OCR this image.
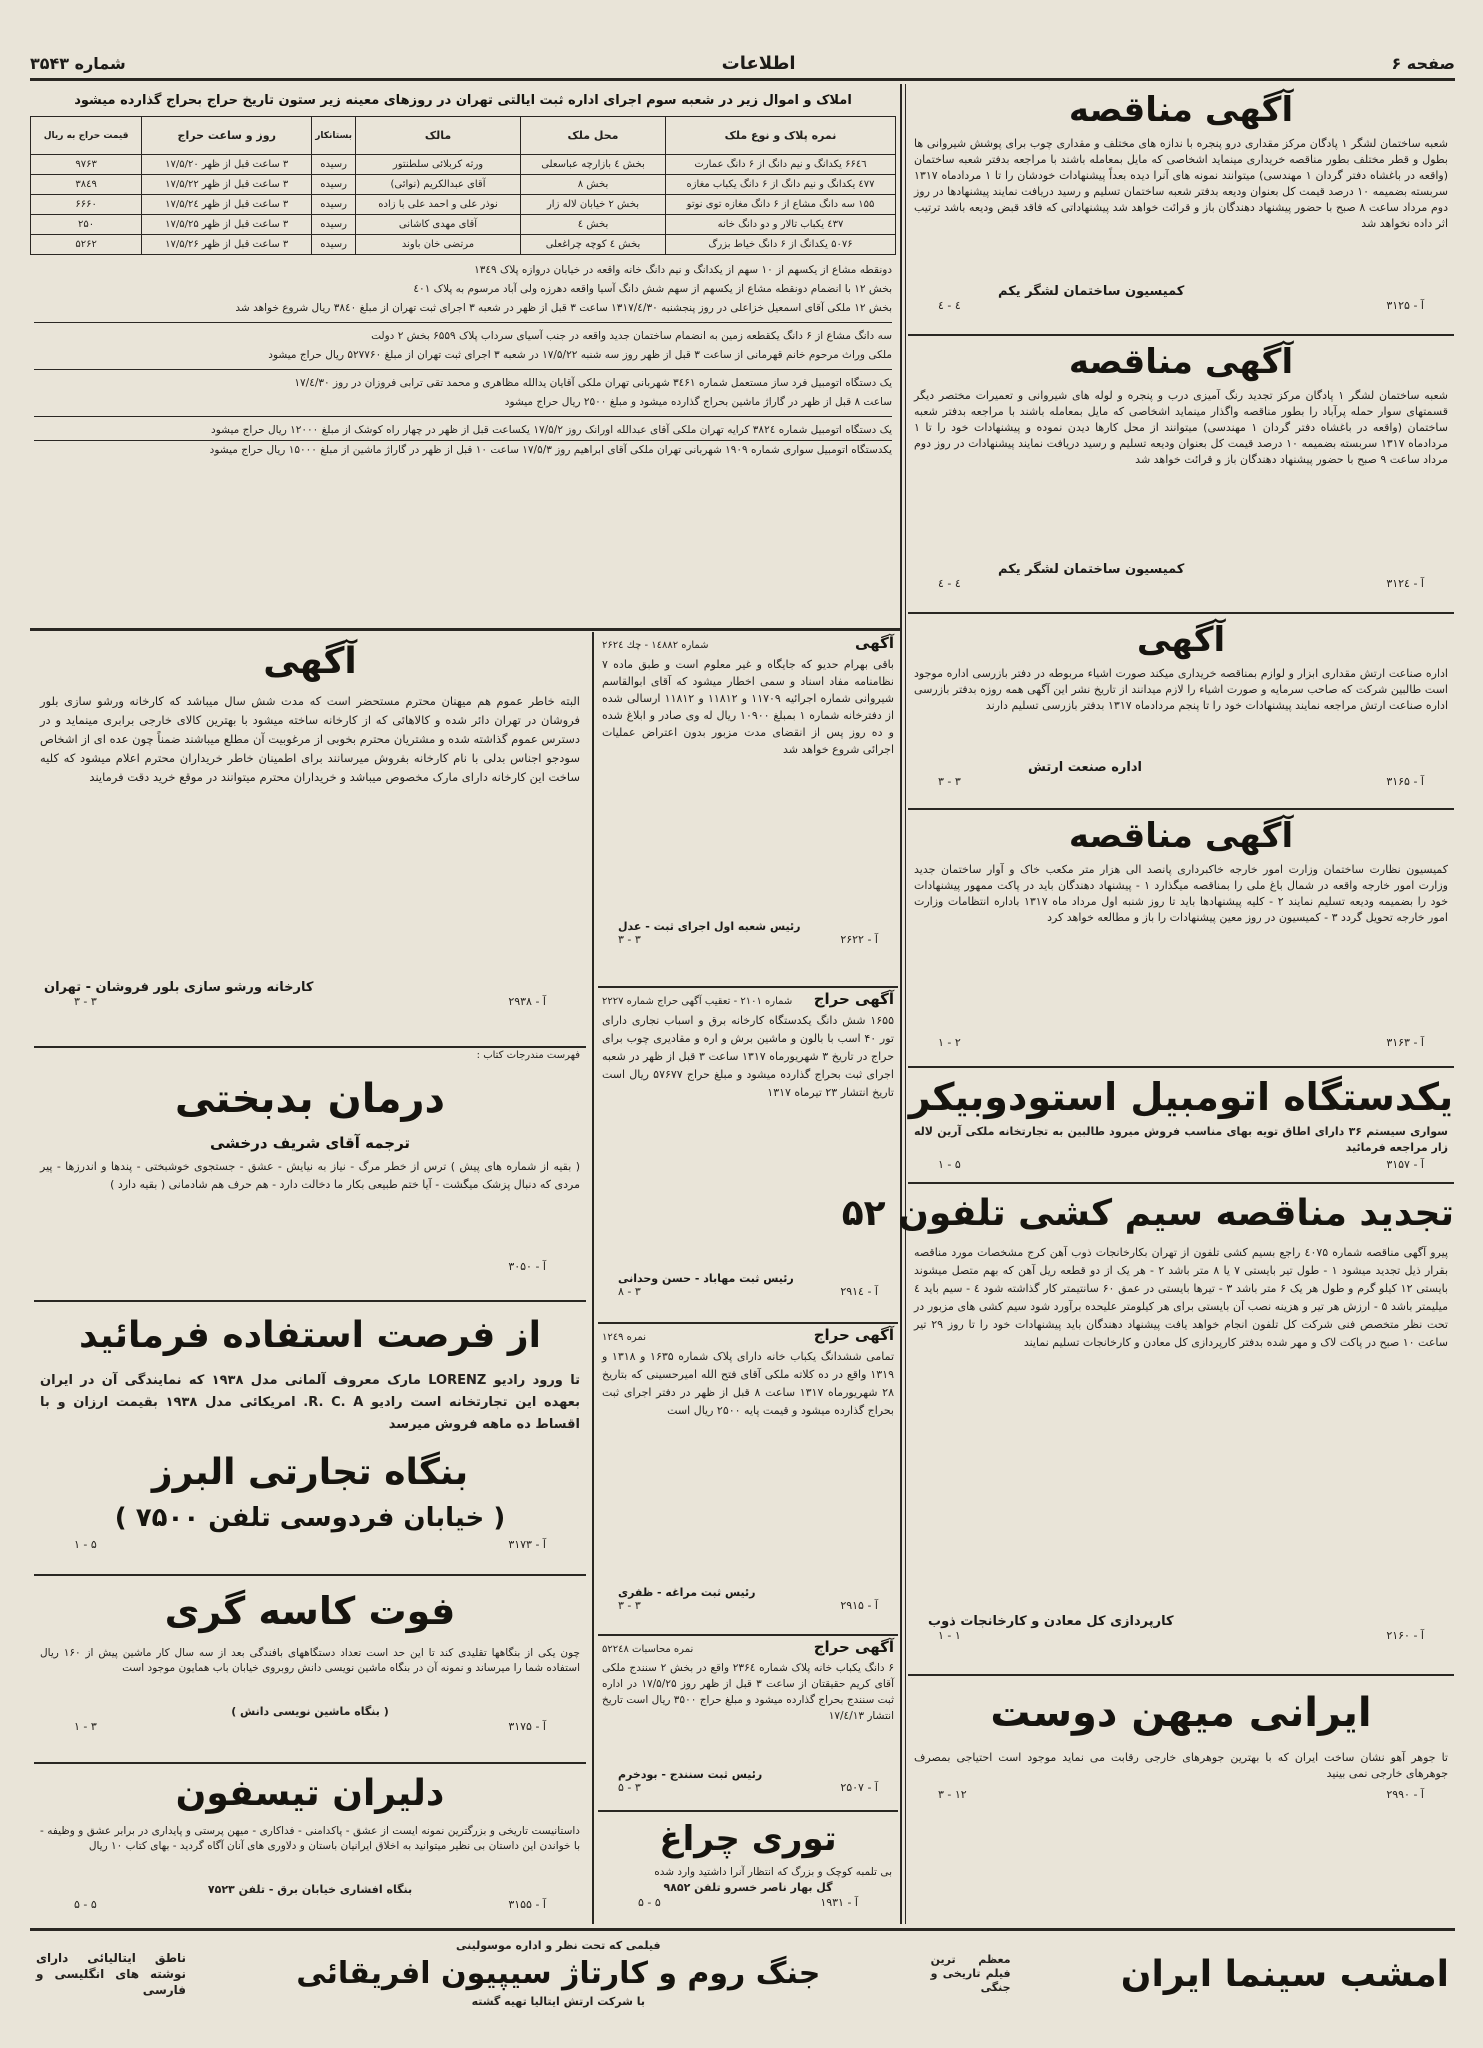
صفحه ۶
اطلاعات
شماره ۳۵۴۳
آگهی مناقصه
شعبه ساختمان لشگر ۱ پادگان مرکز مقداری درو پنجره با ندازه های مختلف و مقداری چوب برای پوشش شیروانی ها بطول و قطر مختلف بطور مناقصه خریداری مینماید اشخاصی که مایل بمعامله باشند با مراجعه بدفتر شعبه ساختمان (واقعه در باغشاه دفتر گردان ۱ مهندسی) میتوانند نمونه های آنرا دیده بعداً پیشنهادات خودشان را تا ۱ مردادماه ۱۳۱۷ سربسته بضمیمه ۱۰ درصد قیمت کل بعنوان ودیعه بدفتر شعبه ساختمان تسلیم و رسید دریافت نمایند پیشنهادها در روز دوم مرداد ساعت ۸ صبح با حضور پیشنهاد دهندگان باز و قرائت خواهد شد پیشنهاداتی که فاقد قبض ودیعه باشد ترتیب اثر داده نخواهد شد
کمیسیون ساختمان لشگر یکم
آ - ۳۱۲۵
٤ - ٤
آگهی مناقصه
شعبه ساختمان لشگر ۱ پادگان مرکز تجدید رنگ آمیزی درب و پنجره و لوله های شیروانی و تعمیرات مختصر دیگر قسمتهای سوار حمله پرآباد را بطور مناقصه واگذار مینماید اشخاصی که مایل بمعامله باشند با مراجعه بدفتر شعبه ساختمان (واقعه در باغشاه دفتر گردان ۱ مهندسی) میتوانند از محل کارها دیدن نموده و پیشنهادات خود را تا ۱ مردادماه ۱۳۱۷ سربسته بضمیمه ۱۰ درصد قیمت کل بعنوان ودیعه تسلیم و رسید دریافت نمایند پیشنهادات در روز دوم مرداد ساعت ۹ صبح با حضور پیشنهاد دهندگان باز و قرائت خواهد شد
کمیسیون ساختمان لشگر یکم
آ - ۳۱۲٤
٤ - ٤
آگهی
اداره صناعت ارتش مقداری ابزار و لوازم بمناقصه خریداری میکند صورت اشیاء مربوطه در دفتر بازرسی اداره موجود است طالبین شرکت که صاحب سرمایه و صورت اشیاء را لازم میدانند از تاریخ نشر این آگهی همه روزه بدفتر بازرسی اداره صناعت ارتش مراجعه نمایند پیشنهادات خود را تا پنجم مردادماه ۱۳۱۷ بدفتر بازرسی تسلیم دارند
اداره صنعت ارتش
آ - ۳۱۶۵
۳ - ۳
آگهی مناقصه
کمیسیون نظارت ساختمان وزارت امور خارجه خاکبرداری پانصد الی هزار متر مکعب خاک و آوار ساختمان جدید وزارت امور خارجه واقعه در شمال باغ ملی را بمناقصه میگذارد ۱ - پیشنهاد دهندگان باید در پاکت ممهور پیشنهادات خود را بضمیمه ودیعه تسلیم نمایند ۲ - کلیه پیشنهادها باید تا روز شنبه اول مرداد ماه ۱۳۱۷ باداره انتظامات وزارت امور خارجه تحویل گردد ۳ - کمیسیون در روز معین پیشنهادات را باز و مطالعه خواهد کرد
آ - ۳۱۶۳
۲ - ۱
یکدستگاه اتومبیل استودوبیکر
سواری سیستم ۳۶ دارای اطاق تویه بهای مناسب فروش میرود طالبین به تجارتخانه ملکی آرین لاله زار مراجعه فرمائید
آ - ۳۱۵۷
۵ - ۱
تجدید مناقصه سیم کشی تلفون ۵۲
پیرو آگهی مناقصه شماره ٤۰۷۵ راجع بسیم کشی تلفون از تهران بکارخانجات ذوب آهن کرج مشخصات مورد مناقصه بقرار ذیل تجدید میشود ۱ - طول تیر بایستی ۷ یا ۸ متر باشد ۲ - هر یک از دو قطعه ریل آهن که بهم متصل میشوند بایستی ۱۲ کیلو گرم و طول هر یک ۶ متر باشد ۳ - تیرها بایستی در عمق ۶۰ سانتیمتر کار گذاشته شود ٤ - سیم باید ٤ میلیمتر باشد ۵ - ارزش هر تیر و هزینه نصب آن بایستی برای هر کیلومتر علیحده برآورد شود سیم کشی های مزبور در تحت نظر متخصص فنی شرکت کل تلفون انجام خواهد یافت پیشنهاد دهندگان باید پیشنهادات خود را تا روز ۲۹ تیر ساعت ۱۰ صبح در پاکت لاک و مهر شده بدفتر کارپردازی کل معادن و کارخانجات تسلیم نمایند
کارپردازی کل معادن و کارخانجات ذوب
آ - ۲۱۶۰
۱ - ۱
ایرانی میهن دوست
تا جوهر آهو نشان ساخت ایران که با بهترین جوهرهای خارجی رقابت می نماید موجود است احتیاجی بمصرف جوهرهای خارجی نمی بینید
آ - ۲۹۹۰
۱۲ - ۳
املاک و اموال زیر در شعبه سوم اجرای اداره ثبت ایالتی تهران در روزهای معینه زیر ستون تاریخ حراج بحراج گذارده میشود
نمره پلاک و نوع ملک	محل ملک	مالک	بستانکار	روز و ساعت حراج	قیمت حراج به ریال
۶۶٤٦ یکدانگ و نیم دانگ از ۶ دانگ عمارت	بخش ٤ بازارچه عباسعلی	ورثه کربلائی سلطنتور	رسیده	۳ ساعت قبل از ظهر ۱۷/۵/۲۰	۹۷۶۳
٤٧٧ یکدانگ و نیم دانگ از ۶ دانگ یکباب مغازه	بخش ۸	آقای عبدالکریم (نوائی)	رسیده	۳ ساعت قبل از ظهر ۱۷/۵/۲۲	۳۸٤۹
۱۵۵ سه دانگ مشاع از ۶ دانگ مغازه توی نوتو	بخش ۲ خیابان لاله زار	نوذر علی و احمد علی با زاده	رسیده	۳ ساعت قبل از ظهر ۱۷/۵/۲٤	۶۶۶۰
٤۳۷ یکباب تالار و دو دانگ خانه	بخش ٤	آقای مهدی کاشانی	رسیده	۳ ساعت قبل از ظهر ۱۷/۵/۲۵	۲۵۰
۵۰۷۶ یکدانگ از ۶ دانگ خیاط بزرگ	بخش ٤ کوچه چراغعلی	مرتضی خان باوند	رسیده	۳ ساعت قبل از ظهر ۱۷/۵/۲۶	۵۲۶۲
دونقطه مشاع از یکسهم از ۱۰ سهم از یکدانگ و نیم دانگ خانه واقعه در خیابان دروازه پلاک ۱۳٤۹
بخش ۱۲ با انضمام دونقطه مشاع از یکسهم از سهم شش دانگ آسیا واقعه دهرزه ولی آباد مرسوم به پلاک ٤۰۱
بخش ۱۲ ملکی آقای اسمعیل خزاعلی در روز پنجشنبه ۱۳۱۷/٤/۳۰ ساعت ۳ قبل از ظهر در شعبه ۳ اجرای ثبت تهران از مبلغ ۳۸٤۰ ریال شروع خواهد شد
سه دانگ مشاع از ۶ دانگ یکقطعه زمین به انضمام ساختمان جدید واقعه در جنب آسیای سرداب پلاک ۶۵۵۹ بخش ۲ دولت
ملکی وراث مرحوم خانم قهرمانی از ساعت ۳ قبل از ظهر روز سه شنبه ۱۷/۵/۲۲ در شعبه ۳ اجرای ثبت تهران از مبلغ ۵۲۷۷۶۰ ریال حراج میشود
یک دستگاه اتومبیل فرد ساز مستعمل شماره ۳٤۶۱ شهربانی تهران ملکی آقایان یدالله مظاهری و محمد تقی ترابی فروزان در روز ۱۷/٤/۳۰
ساعت ۸ قبل از ظهر در گاراژ ماشین بحراج گذارده میشود و مبلغ ۲۵۰۰ ریال حراج میشود
یک دستگاه اتومبیل شماره ۳۸۲٤ کرایه تهران ملکی آقای عبدالله اورانک روز ۱۷/۵/۲ یکساعت قبل از ظهر در چهار راه کوشک از مبلغ ۱۲۰۰۰ ریال حراج میشود
یکدستگاه اتومبیل سواری شماره ۱۹۰۹ شهربانی تهران ملکی آقای ابراهیم روز ۱۷/۵/۳ ساعت ۱۰ قبل از ظهر در گاراژ ماشین از مبلغ ۱۵۰۰۰ ریال حراج میشود
آگهی
شماره ۱٤۸۸۲ - چك ۲۶۲٤
باقی بهرام حدیو که جایگاه و غیر معلوم است و طبق ماده ۷ نظامنامه مفاد اسناد و سمی اخطار میشود که آقای ابوالقاسم شیروانی شماره اجرائیه ۱۱۷۰۹ و ۱۱۸۱۲ و ۱۱۸۱۲ ارسالی شده از دفترخانه شماره ۱ بمبلغ ۱۰۹۰۰ ریال له وی صادر و ابلاغ شده و ده روز پس از انقضای مدت مزبور بدون اعتراض عملیات اجرائی شروع خواهد شد
رئیس شعبه اول اجرای ثبت - عدل
آ - ۲۶۲۲
۳ - ۳
آگهی حراج
شماره ۲۱۰۱ - تعقیب آگهی حراج شماره ۲۲۲۷
۱۶۵۵ شش دانگ یکدستگاه کارخانه برق و اسباب نجاری دارای تور ۴۰ اسب با بالون و ماشین برش و اره و مقادیری چوب برای حراج در تاریخ ۳ شهریورماه ۱۳۱۷ ساعت ۳ قبل از ظهر در شعبه اجرای ثبت بحراج گذارده میشود و مبلغ حراج ۵۷۶۷۷ ریال است تاریخ انتشار ۲۳ تیرماه ۱۳۱۷
رئیس ثبت مهاباد - حسن وحدانی
آ - ۲۹۱٤
۳ - ۸
آگهی حراج
نمره ۱۲٤۹
تمامی ششدانگ یکباب خانه دارای پلاک شماره ۱۶۳۵ و ۱۳۱۸ و ۱۳۱۹ واقع در ده کلاته ملکی آقای فتح الله امیرحسینی که بتاریخ ۲۸ شهریورماه ۱۳۱۷ ساعت ۸ قبل از ظهر در دفتر اجرای ثبت بحراج گذارده میشود و قیمت پایه ۲۵۰۰ ریال است
رئیس ثبت مراغه - ظفری
آ - ۲۹۱۵
۳ - ۳
آگهی حراج
نمره محاسبات ۵۲۲٤۸
۶ دانگ یکباب خانه پلاک شماره ۲۳۶٤ واقع در بخش ۲ سنندج ملکی آقای کریم حقیقتان از ساعت ۳ قبل از ظهر روز ۱۷/۵/۲۵ در اداره ثبت سنندج بحراج گذارده میشود و مبلغ حراج ۳۵۰۰ ریال است تاریخ انتشار ۱۷/٤/۱۳
رئیس ثبت سنندج - بودخرم
آ - ۲۵۰۷
۳ - ۵
توری چراغ
بی تلمبه کوچک و بزرگ که انتظار آنرا داشتید وارد شده
گل بهار ناصر خسرو تلفن ۹۸۵۲
آ - ۱۹۳۱
۵ - ۵
آگهی
البته خاطر عموم هم میهنان محترم مستحضر است که مدت شش سال میباشد که کارخانه ورشو سازی بلور فروشان در تهران دائر شده و کالاهائی که از کارخانه ساخته میشود با بهترین کالای خارجی برابری مینماید و در دسترس عموم گذاشته شده و مشتریان محترم بخوبی از مرغوبیت آن مطلع میباشند ضمناً چون عده ای از اشخاص سودجو اجناس بدلی با نام کارخانه بفروش میرسانند برای اطمینان خاطر خریداران محترم اعلام میشود که کلیه ساخت این کارخانه دارای مارک مخصوص میباشد و خریداران محترم میتوانند در موقع خرید دقت فرمایند
کارخانه ورشو سازی بلور فروشان - تهران
آ - ۲۹۳۸
۳ - ۳
فهرست مندرجات کتاب :
درمان بدبختی
ترجمه آقای شریف درخشی
( بقیه از شماره های پیش ) ترس از خطر مرگ - نیاز به نیایش - عشق - جستجوی خوشبختی - پندها و اندرزها - پیر مردی که دنبال پزشک میگشت - آیا ختم طبیعی بکار ما دخالت دارد - هم حرف هم شادمانی ( بقیه دارد )
آ - ۳۰۵۰
از فرصت استفاده فرمائید
تا ورود رادیو LORENZ مارک معروف آلمانی مدل ۱۹۳۸ که نمایندگی آن در ایران بعهده این تجارتخانه است رادیو R. C. A. امریکائی مدل ۱۹۳۸ بقیمت ارزان و با اقساط ده ماهه فروش میرسد
بنگاه تجارتی البرز
( خیابان فردوسی تلفن ۷۵۰۰ )
آ - ۳۱۷۳
۵ - ۱
فوت کاسه گری
چون یکی از بنگاهها تقلیدی کند تا این حد است تعداد دستگاههای بافندگی بعد از سه سال کار ماشین پیش از ۱۶۰ ریال استفاده شما را میرساند و نمونه آن در بنگاه ماشین نویسی دانش روبروی خیابان باب همایون موجود است
( بنگاه ماشین نویسی دانش )
آ - ۳۱۷۵
۳ - ۱
دلیران تیسفون
داستانیست تاریخی و بزرگترین نمونه ایست از عشق - پاکدامنی - فداکاری - میهن پرستی و پایداری در برابر عشق و وظیفه - با خواندن این داستان بی نظیر میتوانید به اخلاق ایرانیان باستان و دلاوری های آنان آگاه گردید - بهای کتاب ۱۰ ریال
بنگاه افشاری خیابان برق - تلفن ۷۵۲۳
آ - ۳۱۵۵
۵ - ۵
امشب سینما ایران
معظم ترین فیلم تاریخی و جنگی
فیلمی که تحت نظر و اداره موسولینی
جنگ روم و کارتاژ سیپیون افریقائی
با شرکت ارتش ایتالیا تهیه گشته
ناطق ایتالیائی دارای نوشته های انگلیسی و فارسی
